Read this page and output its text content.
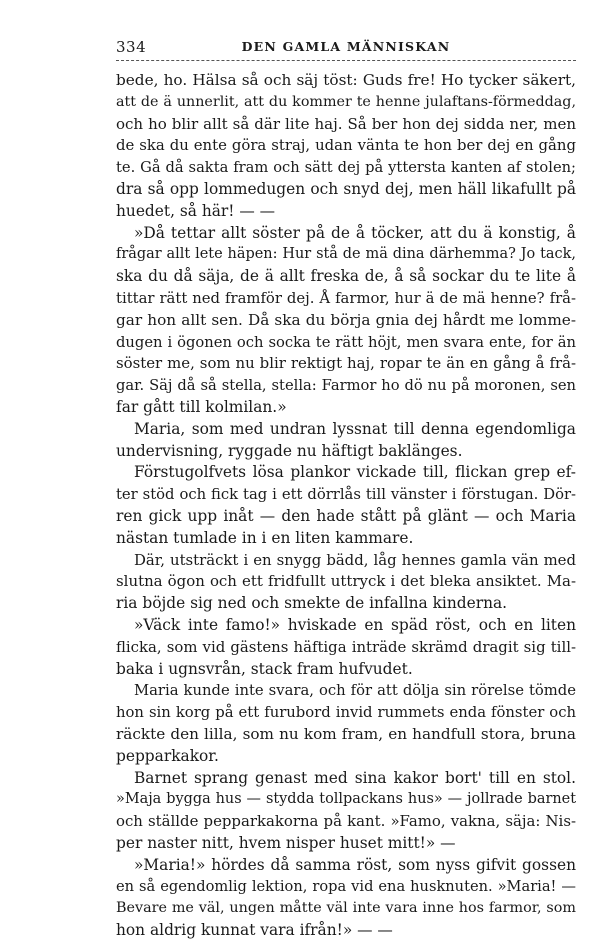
334	DEN GAMLA MÄNNISKAN
bede, ho. Hälsa så och säj töst: Guds fre! Ho tycker säkert,
att de ä unnerlit, att du kommer te henne julaftans-förmeddag,
och ho blir allt så där lite haj. Så ber hon dej sidda ner, men
de ska du ente göra straj, udan vänta te hon ber dej en gång
te. Gå då sakta fram och sätt dej på yttersta kanten af stolen;
dra så opp lommedugen och snyd dej, men häll likafullt på
huedet, så här! — —
»Då tettar allt söster på de å töcker, att du ä konstig, å
frågar allt lete häpen: Hur stå de mä dina därhemma? Jo tack,
ska du då säja, de ä allt freska de, å så sockar du te lite å
tittar rätt ned framför dej. Å farmor, hur ä de mä henne? frå-
gar hon allt sen. Då ska du börja gnia dej hårdt me lomme-
dugen i ögonen och socka te rätt höjt, men svara ente, for än
söster me, som nu blir rektigt haj, ropar te än en gång å frå-
gar. Säj då så stella, stella: Farmor ho dö nu på moronen, sen
far gått till kolmilan.»
Maria, som med undran lyssnat till denna egendomliga
undervisning, ryggade nu häftigt baklänges.
Förstugolfvets lösa plankor vickade till, flickan grep ef-
ter stöd och fick tag i ett dörrlås till vänster i förstugan. Dör-
ren gick upp inåt — den hade stått på glänt — och Maria
nästan tumlade in i en liten kammare.
Där, utsträckt i en snygg bädd, låg hennes gamla vän med
slutna ögon och ett fridfullt uttryck i det bleka ansiktet. Ma-
ria böjde sig ned och smekte de infallna kinderna.
»Väck inte famo!» hviskade en späd röst, och en liten
flicka, som vid gästens häftiga inträde skrämd dragit sig till-
baka i ugnsvrån, stack fram hufvudet.
Maria kunde inte svara, och för att dölja sin rörelse tömde
hon sin korg på ett furubord invid rummets enda fönster och
räckte den lilla, som nu kom fram, en handfull stora, bruna
pepparkakor.
Barnet sprang genast med sina kakor bort' till en stol.
»Maja bygga hus — stydda tollpackans hus» — jollrade barnet
och ställde pepparkakorna på kant. »Famo, vakna, säja: Nis-
per naster nitt, hvem nisper huset mitt!» —
»Maria!» hördes då samma röst, som nyss gifvit gossen
en så egendomlig lektion, ropa vid ena husknuten. »Maria! —
Bevare me väl, ungen måtte väl inte vara inne hos farmor, som
hon aldrig kunnat vara ifrån!» — —
